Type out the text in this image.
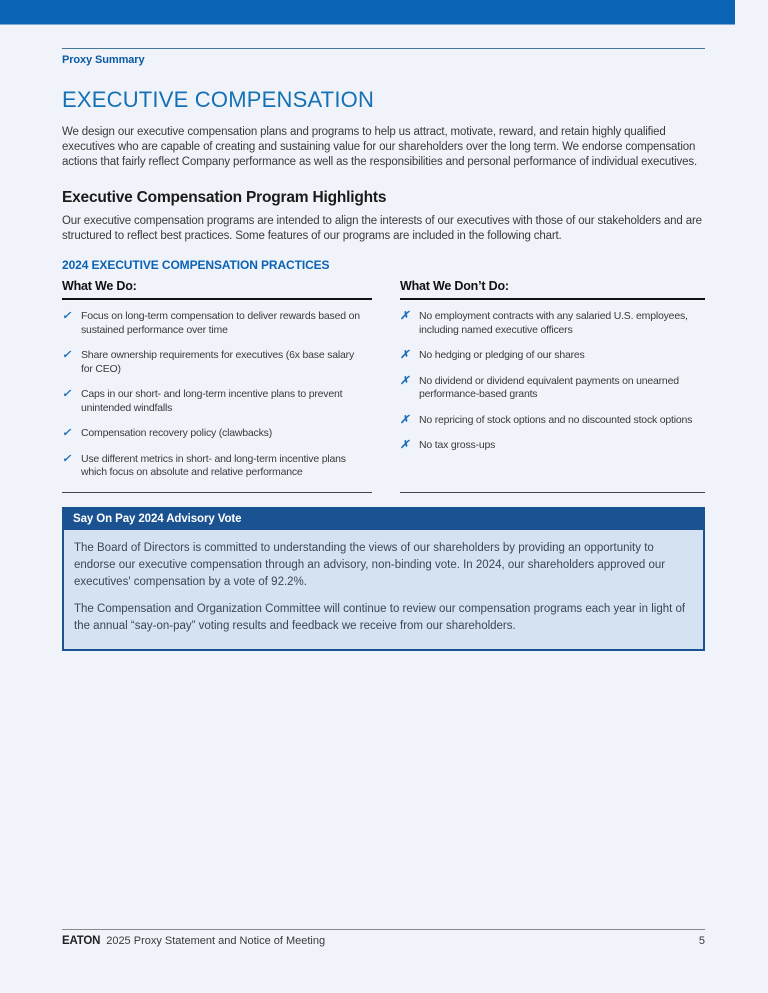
Proxy Summary
EXECUTIVE COMPENSATION

We design our executive compensation plans and programs to help us attract, motivate, reward, and retain highly qualified executives who are capable of creating and sustaining value for our shareholders over the long term. We endorse compensation actions that fairly reflect Company performance as well as the responsibilities and personal performance of individual executives.

Executive Compensation Program Highlights

Our executive compensation programs are intended to align the interests of our executives with those of our stakeholders and are structured to reflect best practices. Some features of our programs are included in the following chart.

2024 EXECUTIVE COMPENSATION PRACTICES
What We Do:
✓ Focus on long-term compensation to deliver rewards based on sustained performance over time
✓ Share ownership requirements for executives (6x base salary for CEO)
✓ Caps in our short- and long-term incentive plans to prevent unintended windfalls
✓ Compensation recovery policy (clawbacks)
✓ Use different metrics in short- and long-term incentive plans which focus on absolute and relative performance
What We Don’t Do:
✗ No employment contracts with any salaried U.S. employees, including named executive officers
✗ No hedging or pledging of our shares
✗ No dividend or dividend equivalent payments on unearned performance-based grants
✗ No repricing of stock options and no discounted stock options
✗ No tax gross-ups
Say On Pay 2024 Advisory Vote

The Board of Directors is committed to understanding the views of our shareholders by providing an opportunity to endorse our executive compensation through an advisory, non-binding vote. In 2024, our shareholders approved our executives' compensation by a vote of 92.2%.

The Compensation and Organization Committee will continue to review our compensation programs each year in light of the annual “say-on-pay” voting results and feedback we receive from our shareholders.

EATON 2025 Proxy Statement and Notice of Meeting	5
